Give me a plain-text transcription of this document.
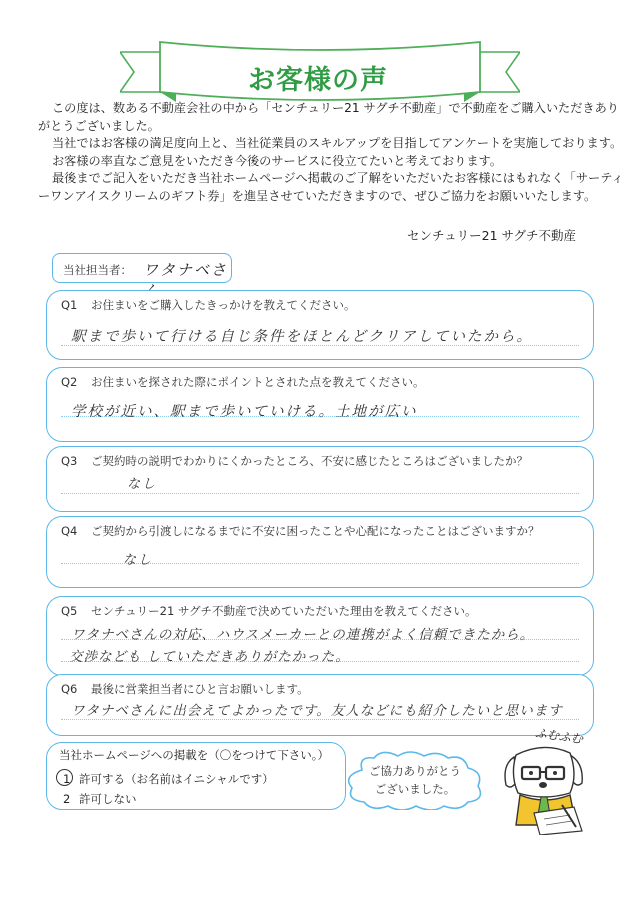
お客様の声

この度は、数ある不動産会社の中から「センチュリー21 サグチ不動産」で不動産をご購入いただきありがとうございました。

当社ではお客様の満足度向上と、当社従業員のスキルアップを目指してアンケートを実施しております。

お客様の率直なご意見をいただき今後のサービスに役立てたいと考えております。

最後までご記入をいただき当社ホームページへ掲載のご了解をいただいたお客様にはもれなく「サーティーワンアイスクリームのギフト券」を進呈させていただきますので、ぜひご協力をお願いいたします。

センチュリー21 サグチ不動産
当社担当者： ワタナベさ
Q1 お住まいをご購入したきっかけを教えてください。
駅まで歩いて行ける自じ条件をほとんどクリアしていたから。
Q2 お住まいを探された際にポイントとされた点を教えてください。
学校が近い、駅まで歩いていける。土地が広い
Q3 ご契約時の説明でわかりにくかったところ、不安に感じたところはございましたか？
なし
Q4 ご契約から引渡しになるまでに不安に困ったことや心配になったことはございますか？
なし
Q5 センチュリー21 サグチ不動産で決めていただいた理由を教えてください。
ワタナベさんの対応、ハウスメーカーとの連携がよく信頼できたから。
交渉なども していただきありがたかった。
Q6 最後に営業担当者にひと言お願いします。
ワタナベさんに出会えてよかったです。友人などにも紹介したいと思います
当社ホームページへの掲載を（〇をつけて下さい。）
1 許可する（お名前はイニシャルです）
2 許可しない
ご協力ありがとう
ございました。
ふむふむ
